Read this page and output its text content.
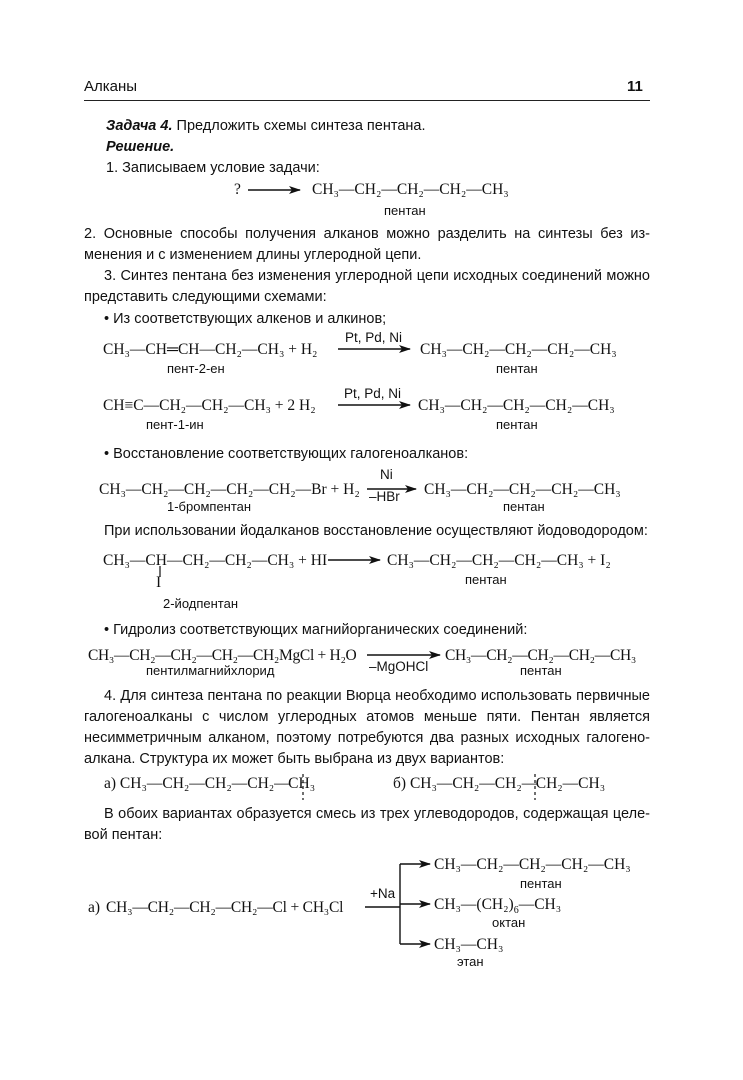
Алканы	11
Задача 4. Предложить схемы синтеза пентана.
Решение.
1. Записываем условие задачи:
?	CH₃—CH₂—CH₂—CH₂—CH₃
пентан
2. Основные способы получения алканов можно разделить на синтезы без из-
менения и с изменением длины углеродной цепи.
3. Синтез пентана без изменения углеродной цепи исходных соединений можно
представить следующими схемами:
• Из соответствующих алкенов и алкинов;
CH₃—CH═CH—CH₂—CH₃ + H₂
Pt, Pd, Ni
CH₃—CH₂—CH₂—CH₂—CH₃
пент-2-ен	пентан
CH≡C—CH₂—CH₂—CH₃ + 2 H₂
Pt, Pd, Ni
CH₃—CH₂—CH₂—CH₂—CH₃
пент-1-ин	пентан
• Восстановление соответствующих галогеноалканов:
CH₃—CH₂—CH₂—CH₂—CH₂—Br + H₂
Ni
–HBr CH₃—CH₂—CH₂—CH₂—CH₃
1-бромпентан	пентан
При использовании йодалканов восстановление осуществляют йодоводородом:
CH₃—CH—CH₂—CH₂—CH₃ + HI
I
CH₃—CH₂—CH₂—CH₂—CH₃ + I₂
пентан
2-йодпентан
• Гидролиз соответствующих магнийорганических соединений:
CH₃—CH₂—CH₂—CH₂—CH₂MgCl + H₂O
–MgOHCl
CH₃—CH₂—CH₂—CH₂—CH₃
пентилмагнийхлорид	пентан
4. Для синтеза пентана по реакции Вюрца необходимо использовать первичные
галогеноалканы с числом углеродных атомов меньше пяти. Пентан является
несимметричным алканом, поэтому потребуются два разных исходных галогено-
алкана. Структура их может быть выбрана из двух вариантов:
а) CH₃—CH₂—CH₂—CH₂—CH₃	б) CH₃—CH₂—CH₂—CH₂—CH₃
В обоих вариантах образуется смесь из трех углеводородов, содержащая целе-
вой пентан:
а) CH₃—CH₂—CH₂—CH₂—Cl + CH₃Cl
+Na
CH₃—CH₂—CH₂—CH₂—CH₃
пентан
$CH_3—(CH_2)_6—CH_3$
октан
CH₃—CH₃
этан
